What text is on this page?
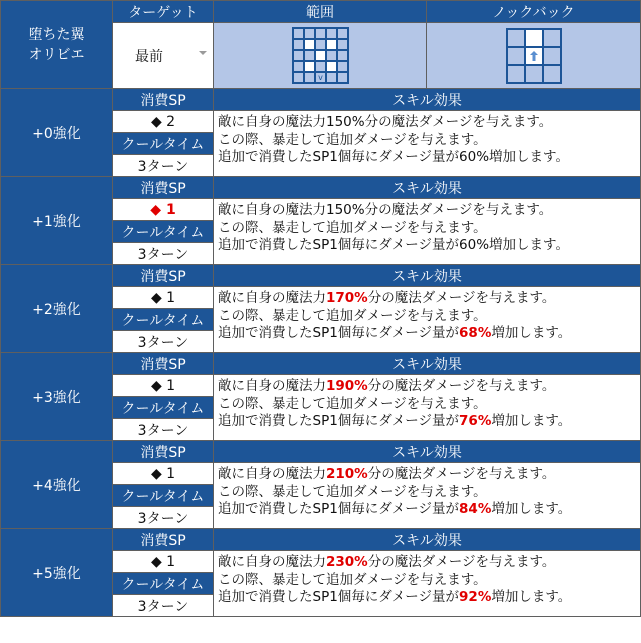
堕ちた翼
オリビエ	ターゲット	範囲	ノックバック
	最前	v

+0強化	消費SP	スキル効果	
	◆ 2	敵に自身の魔法力150%分の魔法ダメージを与えます。
この際、暴走して追加ダメージを与えます。
追加で消費したSP1個毎にダメージ量が60%増加します。	

	クールタイム		
	3ターン		
+1強化	消費SP	スキル効果	
	◆ 1	敵に自身の魔法力150%分の魔法ダメージを与えます。
この際、暴走して追加ダメージを与えます。
追加で消費したSP1個毎にダメージ量が60%増加します。	

	クールタイム		
	3ターン		
+2強化	消費SP	スキル効果	
	◆ 1	敵に自身の魔法力170%分の魔法ダメージを与えます。
この際、暴走して追加ダメージを与えます。
追加で消費したSP1個毎にダメージ量が68%増加します。	

	クールタイム		
	3ターン		
+3強化	消費SP	スキル効果	
	◆ 1	敵に自身の魔法力190%分の魔法ダメージを与えます。
この際、暴走して追加ダメージを与えます。
追加で消費したSP1個毎にダメージ量が76%増加します。	

	クールタイム		
	3ターン		
+4強化	消費SP	スキル効果	
	◆ 1	敵に自身の魔法力210%分の魔法ダメージを与えます。
この際、暴走して追加ダメージを与えます。
追加で消費したSP1個毎にダメージ量が84%増加します。	

	クールタイム		
	3ターン		
+5強化	消費SP	スキル効果	
	◆ 1	敵に自身の魔法力230%分の魔法ダメージを与えます。
この際、暴走して追加ダメージを与えます。
追加で消費したSP1個毎にダメージ量が92%増加します。	

	クールタイム		
	3ターン		
